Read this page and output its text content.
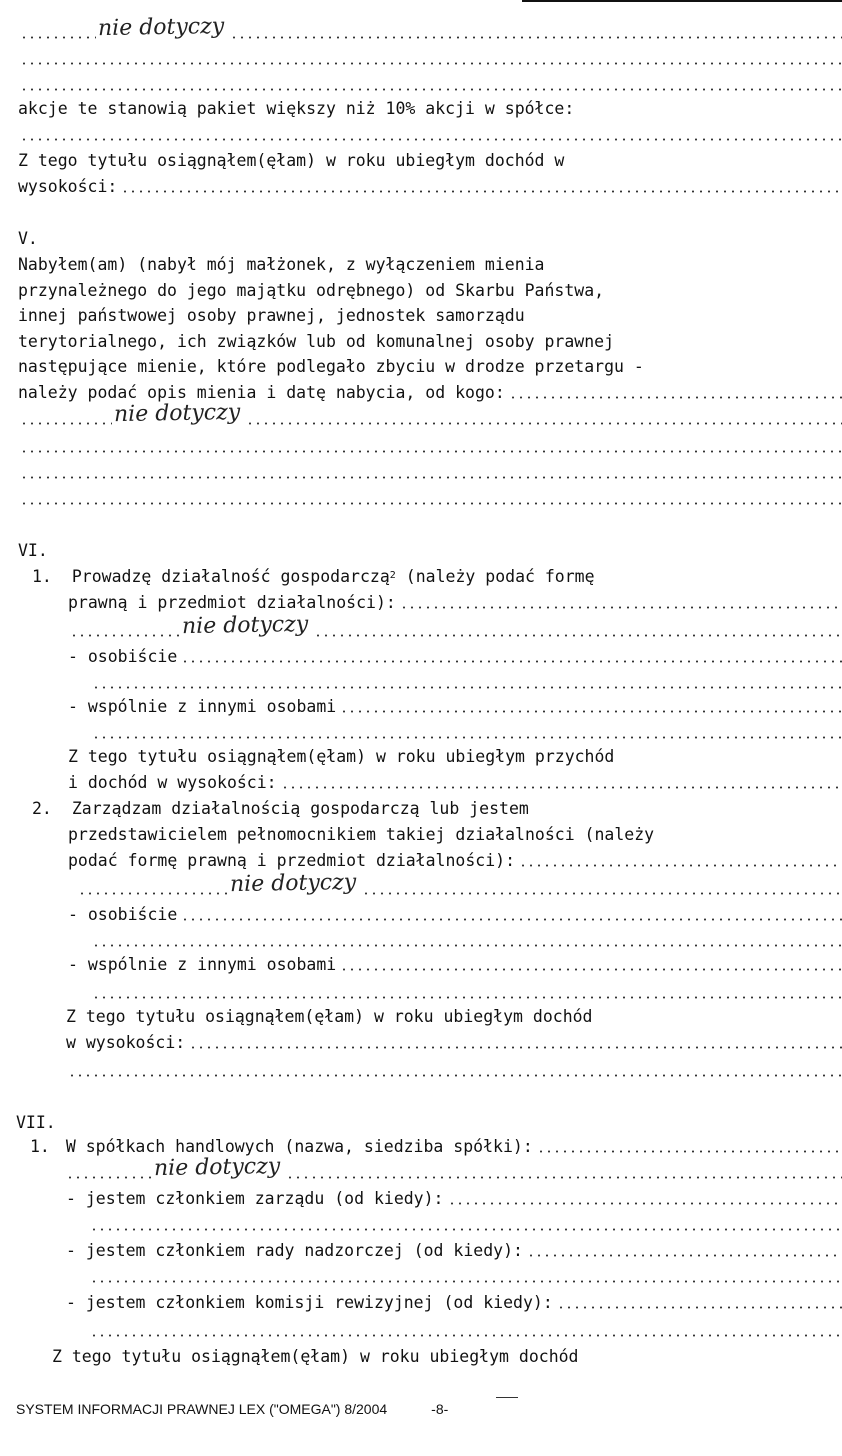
nie dotyczy
akcje te stanowią pakiet większy niż 10% akcji w spółce:
Z tego tytułu osiągnąłem(ęłam) w roku ubiegłym dochód w
wysokości:
V.
Nabyłem(am) (nabył mój małżonek, z wyłączeniem mienia
przynależnego do jego majątku odrębnego) od Skarbu Państwa,
innej państwowej osoby prawnej, jednostek samorządu
terytorialnego, ich związków lub od komunalnej osoby prawnej
następujące mienie, które podlegało zbyciu w drodze przetargu -
należy podać opis mienia i datę nabycia, od kogo:
nie dotyczy
VI.
1. Prowadzę działalność gospodarczą$^2$ (należy podać formę
prawną i przedmiot działalności):
nie dotyczy
- osobiście
- wspólnie z innymi osobami
Z tego tytułu osiągnąłem(ęłam) w roku ubiegłym przychód
i dochód w wysokości:
2. Zarządzam działalnością gospodarczą lub jestem
przedstawicielem pełnomocnikiem takiej działalności (należy
podać formę prawną i przedmiot działalności):
nie dotyczy
- osobiście
- wspólnie z innymi osobami
Z tego tytułu osiągnąłem(ęłam) w roku ubiegłym dochód
w wysokości:
VII.
1. W spółkach handlowych (nazwa, siedziba spółki):
nie dotyczy
- jestem członkiem zarządu (od kiedy):
- jestem członkiem rady nadzorczej (od kiedy):
- jestem członkiem komisji rewizyjnej (od kiedy):
Z tego tytułu osiągnąłem(ęłam) w roku ubiegłym dochód
SYSTEM INFORMACJI PRAWNEJ LEX ("OMEGA") 8/2004	-8-
